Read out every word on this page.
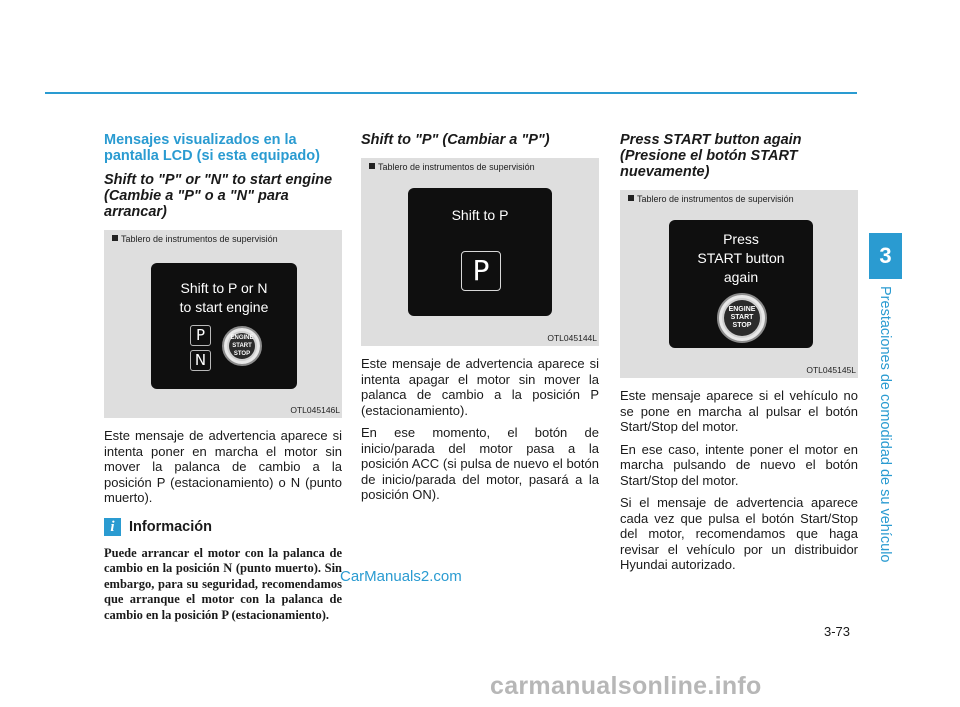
Mensajes visualizados en la pantalla LCD (si esta equipado)
Shift to "P" or "N" to start engine (Cambie a "P" o a "N" para arrancar)
Tablero de instrumentos de supervisión
Shift to P or N
to start engine
P
N
ENGINE
START
STOP
OTL045146L

Este mensaje de advertencia aparece si intenta poner en marcha el motor sin mover la palanca de cambio a la posición P (estacionamiento) o N (punto muerto).

i Información
Puede arrancar el motor con la palanca de cambio en la posición N (punto muerto). Sin embargo, para su seguridad, recomendamos que arranque el motor con la palanca de cambio en la posición P (estacionamiento).
Shift to "P" (Cambiar a "P")
Tablero de instrumentos de supervisión
Shift to P
P
OTL045144L

Este mensaje de advertencia aparece si intenta apagar el motor sin mover la palanca de cambio a la posición P (estacionamiento).

En ese momento, el botón de inicio/parada del motor pasa a la posición ACC (si pulsa de nuevo el botón de inicio/parada del motor, pasará a la posición ON).

Press START button again (Presione el botón START nuevamente)
Tablero de instrumentos de supervisión
Press
START button
again
ENGINE
START
STOP
OTL045145L

Este mensaje aparece si el vehículo no se pone en marcha al pulsar el botón Start/Stop del motor.

En ese caso, intente poner el motor en marcha pulsando de nuevo el botón Start/Stop del motor.

Si el mensaje de advertencia aparece cada vez que pulsa el botón Start/Stop del motor, recomendamos que haga revisar el vehículo por un distribuidor Hyundai autorizado.

3
Prestaciones de comodidad de su vehículo
3-73
CarManuals2.com
carmanualsonline.info
